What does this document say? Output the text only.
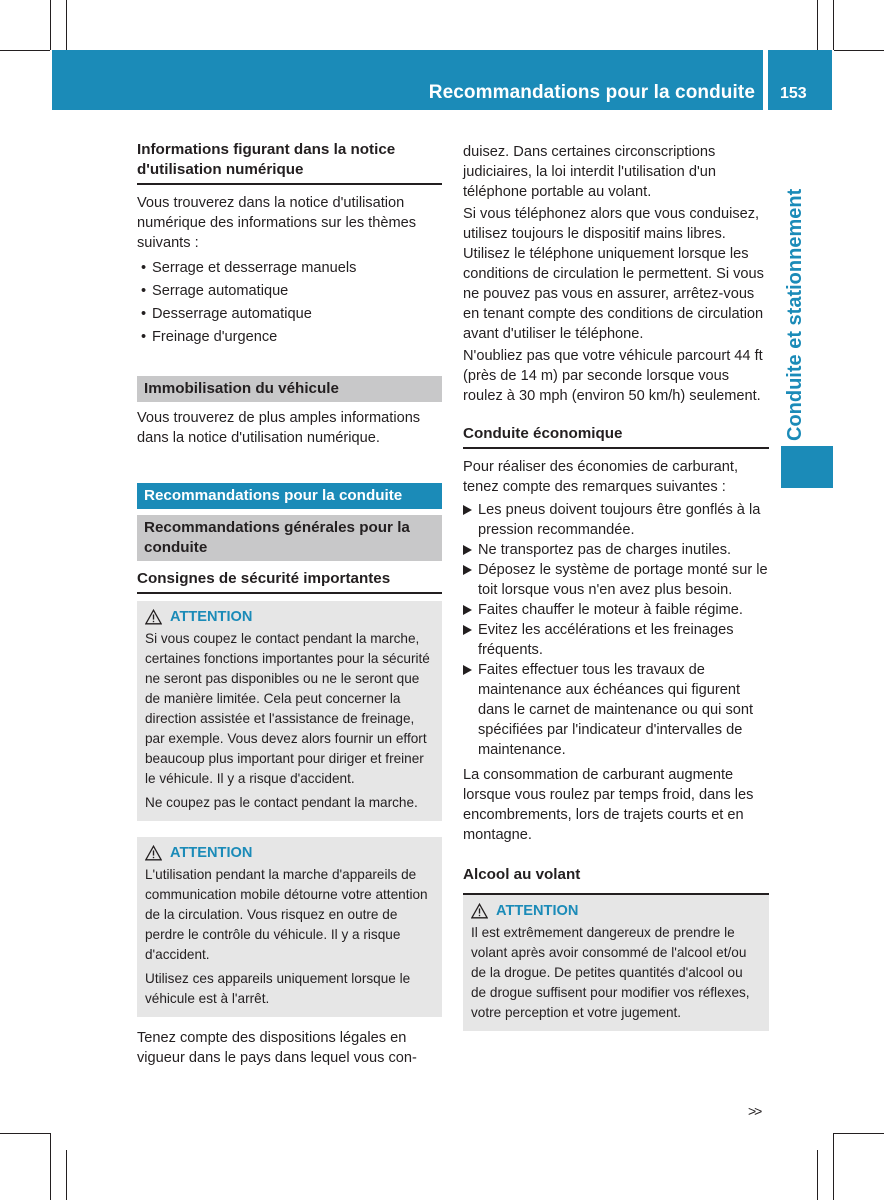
Recommandations pour la conduite 153
Conduite et stationnement
Informations figurant dans la notice d'utilisation numérique

Vous trouverez dans la notice d'utilisation numérique des informations sur les thèmes suivants :

• Serrage et desserrage manuels

• Serrage automatique

• Desserrage automatique

• Freinage d'urgence

Immobilisation du véhicule

Vous trouverez de plus amples informations dans la notice d'utilisation numérique.

Recommandations pour la conduite
Recommandations générales pour la conduite
Consignes de sécurité importantes

ATTENTION

Si vous coupez le contact pendant la marche, certaines fonctions importantes pour la sécurité ne seront pas disponibles ou ne le seront que de manière limitée. Cela peut concerner la direction assistée et l'assistance de freinage, par exemple. Vous devez alors fournir un effort beaucoup plus important pour diriger et freiner le véhicule. Il y a risque d'accident.

Ne coupez pas le contact pendant la marche.

ATTENTION

L'utilisation pendant la marche d'appareils de communication mobile détourne votre attention de la circulation. Vous risquez en outre de perdre le contrôle du véhicule. Il y a risque d'accident.

Utilisez ces appareils uniquement lorsque le véhicule est à l'arrêt.

Tenez compte des dispositions légales en vigueur dans le pays dans lequel vous con-

duisez. Dans certaines circonscriptions judiciaires, la loi interdit l'utilisation d'un téléphone portable au volant.

Si vous téléphonez alors que vous conduisez, utilisez toujours le dispositif mains libres. Utilisez le téléphone uniquement lorsque les conditions de circulation le permettent. Si vous ne pouvez pas vous en assurer, arrêtez-vous en tenant compte des conditions de circulation avant d'utiliser le téléphone.

N'oubliez pas que votre véhicule parcourt 44 ft (près de 14 m) par seconde lorsque vous roulez à 30 mph (environ 50 km/h) seulement.

Conduite économique

Pour réaliser des économies de carburant, tenez compte des remarques suivantes :

Les pneus doivent toujours être gonflés à la pression recommandée.

Ne transportez pas de charges inutiles.

Déposez le système de portage monté sur le toit lorsque vous n'en avez plus besoin.

Faites chauffer le moteur à faible régime.

Evitez les accélérations et les freinages fréquents.

Faites effectuer tous les travaux de maintenance aux échéances qui figurent dans le carnet de maintenance ou qui sont spécifiées par l'indicateur d'intervalles de maintenance.

La consommation de carburant augmente lorsque vous roulez par temps froid, dans les encombrements, lors de trajets courts et en montagne.

Alcool au volant

ATTENTION

Il est extrêmement dangereux de prendre le volant après avoir consommé de l'alcool et/ou de la drogue. De petites quantités d'alcool ou de drogue suffisent pour modifier vos réflexes, votre perception et votre jugement.

>>
